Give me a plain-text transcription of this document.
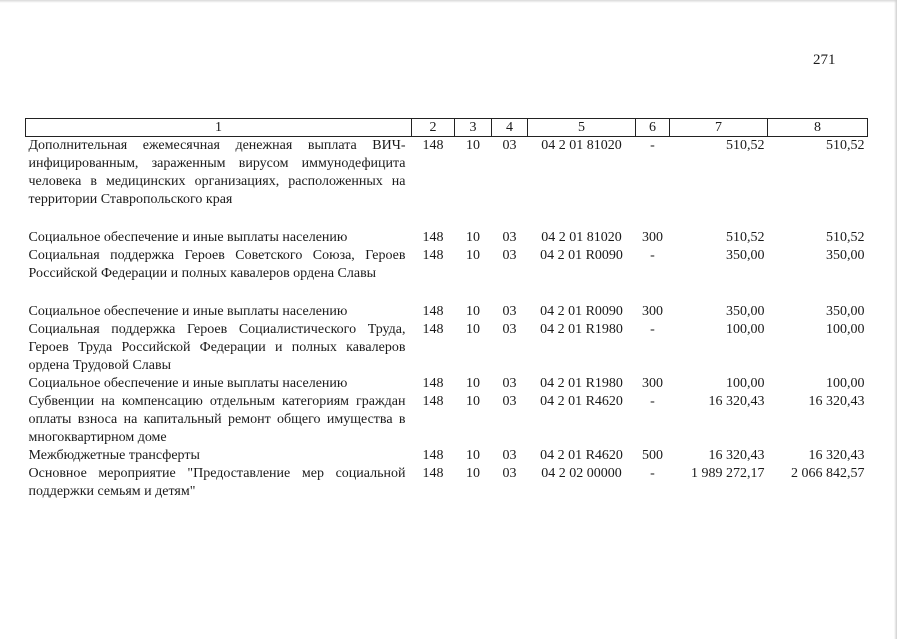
271
1	2	3	4	5	6	7	8
Дополнительная ежемесячная денежная выплата ВИЧ-инфицированным, зараженным вирусом иммунодефицита человека в медицинских организациях, расположенных на территории Ставропольского края	148	10	03	04 2 01 81020	-	510,52	510,52
Социальное обеспечение и иные выплаты населению	148	10	03	04 2 01 81020	300	510,52	510,52
Социальная поддержка Героев Советского Союза, Героев Российской Федерации и полных кавалеров ордена Славы	148	10	03	04 2 01 R0090	-	350,00	350,00
Социальное обеспечение и иные выплаты населению	148	10	03	04 2 01 R0090	300	350,00	350,00
Социальная поддержка Героев Социалистического Труда, Героев Труда Российской Федерации и полных кавалеров ордена Трудовой Славы	148	10	03	04 2 01 R1980	-	100,00	100,00
Социальное обеспечение и иные выплаты населению	148	10	03	04 2 01 R1980	300	100,00	100,00
Субвенции на компенсацию отдельным категориям граждан оплаты взноса на капитальный ремонт общего имущества в многоквартирном доме	148	10	03	04 2 01 R4620	-	16 320,43	16 320,43
Межбюджетные трансферты	148	10	03	04 2 01 R4620	500	16 320,43	16 320,43
Основное мероприятие "Предоставление мер социальной поддержки семьям и детям"	148	10	03	04 2 02 00000	-	1 989 272,17	2 066 842,57
